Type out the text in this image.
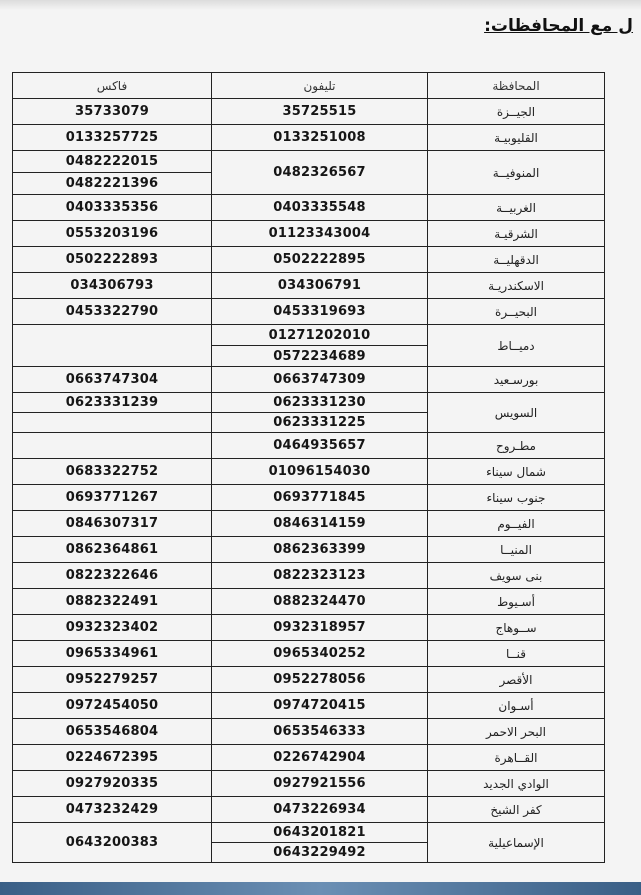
ل مع المحافظات:
فاكس	تليفون	المحافظة
35733079	35725515	الجيــزة
0133257725	0133251008	القليوبيـة
0482222015	0482326567	المنوفيــة
0482221396		
0403335356	0403335548	الغربيــة
0553203196	01123343004	الشرقيـة
0502222893	0502222895	الدقهليــة
034306793	034306791	الاسكندريـة
0453322790	0453319693	البحيــرة
	01271202010	دميــاط
	0572234689	
0663747304	0663747309	بورسـعيد
0623331239	0623331230	السويس
	0623331225	
	0464935657	مطـروح
0683322752	01096154030	شمال سيناء
0693771267	0693771845	جنوب سيناء
0846307317	0846314159	الفيــوم
0862364861	0862363399	المنيــا
0822322646	0822323123	بنى سويف
0882322491	0882324470	أسـيوط
0932323402	0932318957	ســوهاج
0965334961	0965340252	قنــا
0952279257	0952278056	الأقصر
0972454050	0974720415	أسـوان
0653546804	0653546333	البحر الاحمر
0224672395	0226742904	القــاهرة
0927920335	0927921556	الوادي الجديد
0473232429	0473226934	كفر الشيخ
0643200383	0643201821	الإسماعيلية
	0643229492	
